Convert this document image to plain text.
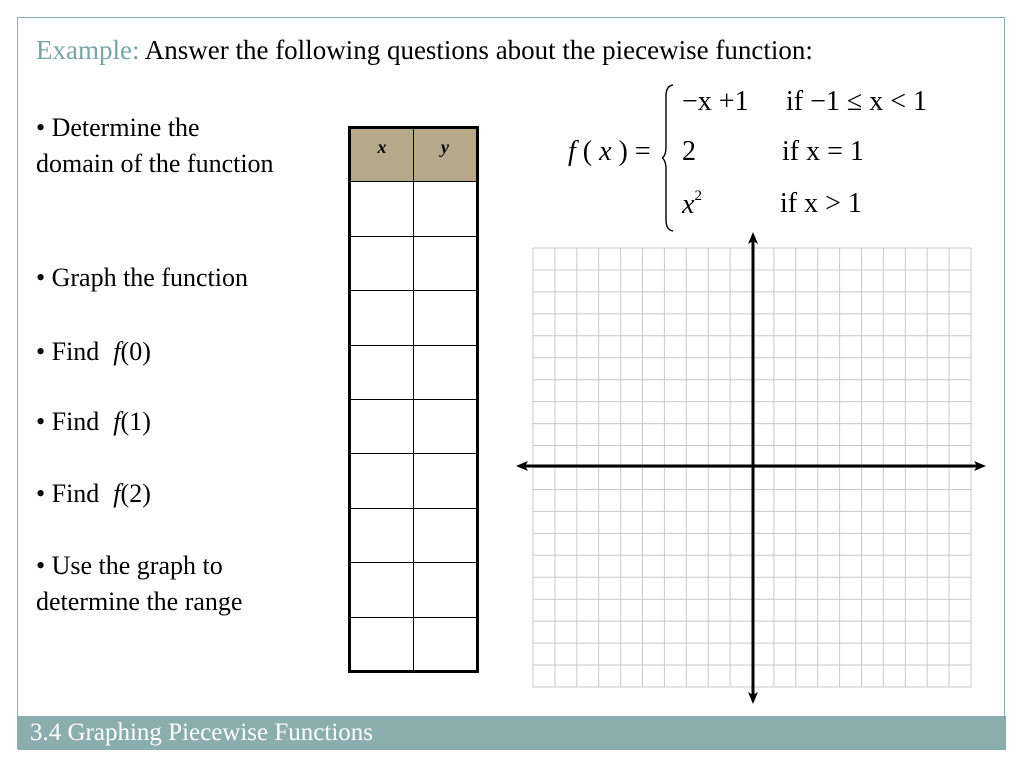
Example: Answer the following questions about the piecewise function:
• Determine the
domain of the function
• Graph the function
• Find f(0)
• Find f(1)
• Find f(2)
• Use the graph to
determine the range
x	y

		f ( x ) =
−x +1 if −1 ≤ x < 1
2	if x = 1
$x^2$	if x > 1
3.4 Graphing Piecewise Functions
